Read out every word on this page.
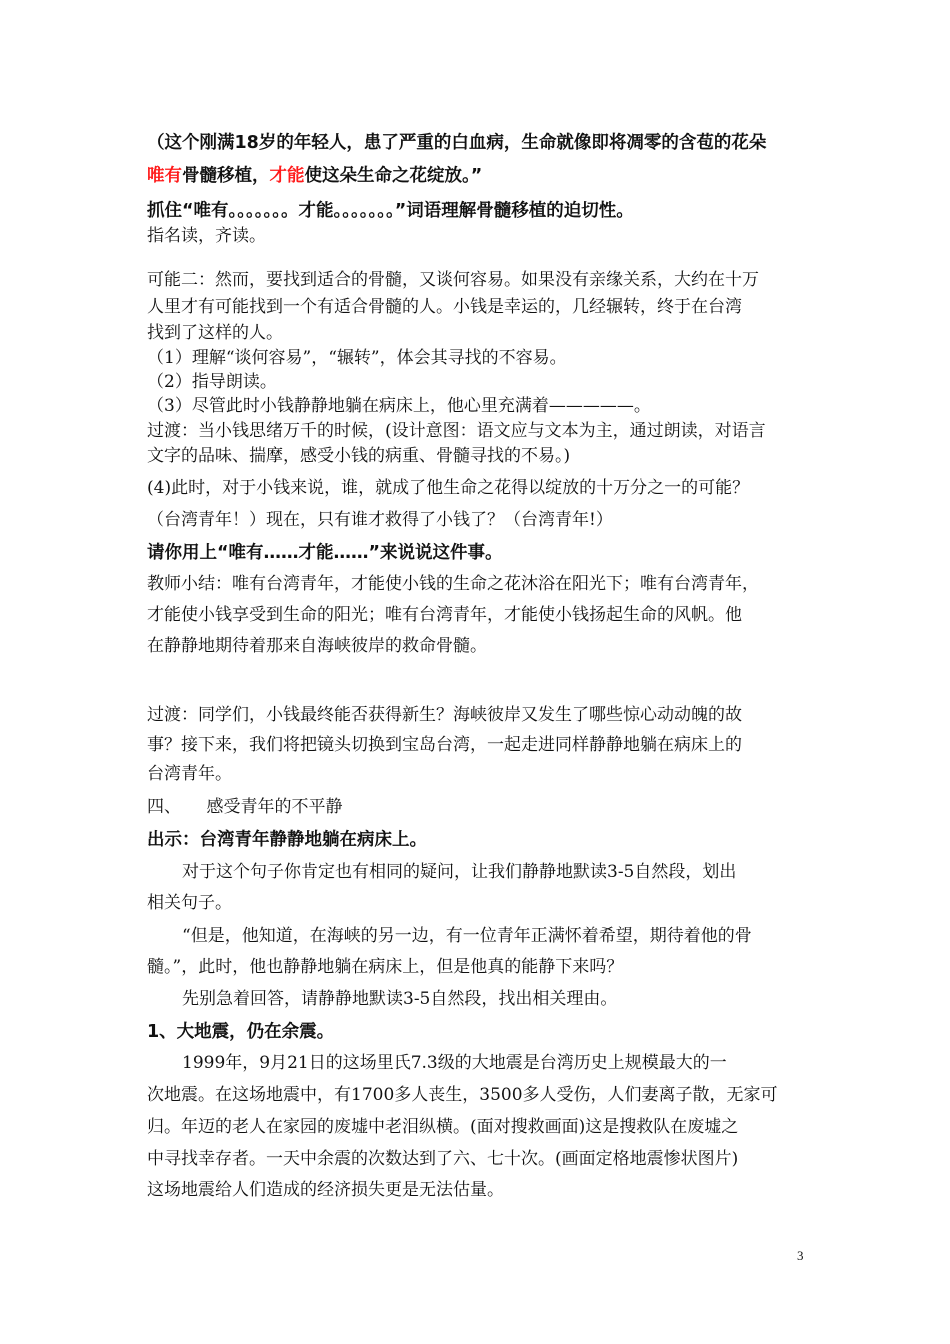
（这个刚满18岁的年轻人，患了严重的白血病，生命就像即将凋零的含苞的花朵
唯有骨髓移植，才能使这朵生命之花绽放。”
抓住“唯有。。。。。。。才能。。。。。。。”词语理解骨髓移植的迫切性。
指名读，齐读。
可能二：然而，要找到适合的骨髓，又谈何容易。如果没有亲缘关系，大约在十万
人里才有可能找到一个有适合骨髓的人。小钱是幸运的，几经辗转，终于在台湾
找到了这样的人。
（1）理解“谈何容易”，“辗转”，体会其寻找的不容易。
（2）指导朗读。
（3）尽管此时小钱静静地躺在病床上，他心里充满着—————。
过渡：当小钱思绪万千的时候，(设计意图：语文应与文本为主，通过朗读，对语言
文字的品味、揣摩，感受小钱的病重、骨髓寻找的不易。)
(4)此时，对于小钱来说，谁，就成了他生命之花得以绽放的十万分之一的可能？
（台湾青年！）现在，只有谁才救得了小钱了？（台湾青年!）
请你用上“唯有……才能……”来说说这件事。
教师小结：唯有台湾青年，才能使小钱的生命之花沐浴在阳光下；唯有台湾青年，
才能使小钱享受到生命的阳光；唯有台湾青年，才能使小钱扬起生命的风帆。他
在静静地期待着那来自海峡彼岸的救命骨髓。
过渡：同学们，小钱最终能否获得新生？海峡彼岸又发生了哪些惊心动动魄的故
事？接下来，我们将把镜头切换到宝岛台湾，一起走进同样静静地躺在病床上的
台湾青年。
四、　　感受青年的不平静
出示：台湾青年静静地躺在病床上。
对于这个句子你肯定也有相同的疑问，让我们静静地默读3-5自然段，划出
相关句子。
“但是，他知道，在海峡的另一边，有一位青年正满怀着希望，期待着他的骨
髓。”，此时，他也静静地躺在病床上，但是他真的能静下来吗？
先别急着回答，请静静地默读3-5自然段，找出相关理由。
1、大地震，仍在余震。
1999年，9月21日的这场里氏7.3级的大地震是台湾历史上规模最大的一
次地震。在这场地震中，有1700多人丧生，3500多人受伤，人们妻离子散，无家可
归。年迈的老人在家园的废墟中老泪纵横。(面对搜救画面)这是搜救队在废墟之
中寻找幸存者。一天中余震的次数达到了六、七十次。(画面定格地震惨状图片)
这场地震给人们造成的经济损失更是无法估量。
3
